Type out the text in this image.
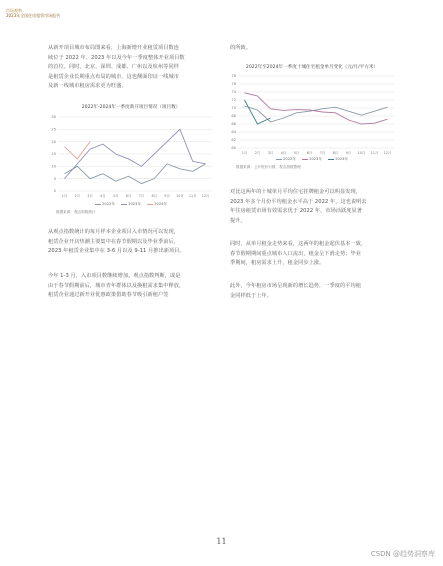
市场观察
2023年全国住房租赁市场报告
从新开项目城市布局图来看，上海新增开业租赁项目数连
续位于 2022 年、2023 年以及今年一季度整体开业项目数
的首位。同时，北京、深圳、成都、广州以及杭州等同样
是租赁企业长期重点布局的城市，这也侧面印证一线城市
及新一线城市租房需求更为旺盛。
的所致。
2022年-2024年一季度新开项目情况（项目数）
0
5
10
15
20
25
30
1月 2月 3月 4月 5月 6月 7月 8月 9月 10月 11月 12月
2022年	2023年	2024年
数据来源：观点指数统计
2022年至2024年一季度十城住宅租金单月变化（元/月/平方米）
60
62
64
66
68
70
72
74
76
78
1月 2月 3月 4月 5月 6月 7月 8月 9月 10月 11月 12月
2022年	2023年	2024年
数据来源：公开报价行情，观点指数整理
对比这两年的十城单月平均住宅挂牌租金可以明显发现，
2023 年多个月份平均租金水平高于 2022 年，这也说明去
年住房租赁市场有效需求优于 2022 年，市场活跃度显著
提升。
同时，从单月租金走势来看，这两年的租金起伏基本一致，
春节假期期间重点城市人口流出，租金呈下滑走势；毕业
季期间，租房需求上升，租金同步上涨。
此外，今年租房市场呈现新的增长趋势，一季度的平均租
金同样低于上年。
从观点指数统计的每月样本企业项目入市情况可以发现，
租赁企业开店热潮主要集中在春节假期以及毕业季前后，
2023 年租赁企业集中在 3-6 月以及 9-11 月推出新项目。
今年 1-3 月，入市项目数继续增加。观点指数判断，或是
由于春节假期前后，城市青年群体以及换租需求集中释放，
租赁企业通过新开业优惠政策借助春节吸引新租户签
11
CSDN @趋势洞察库
